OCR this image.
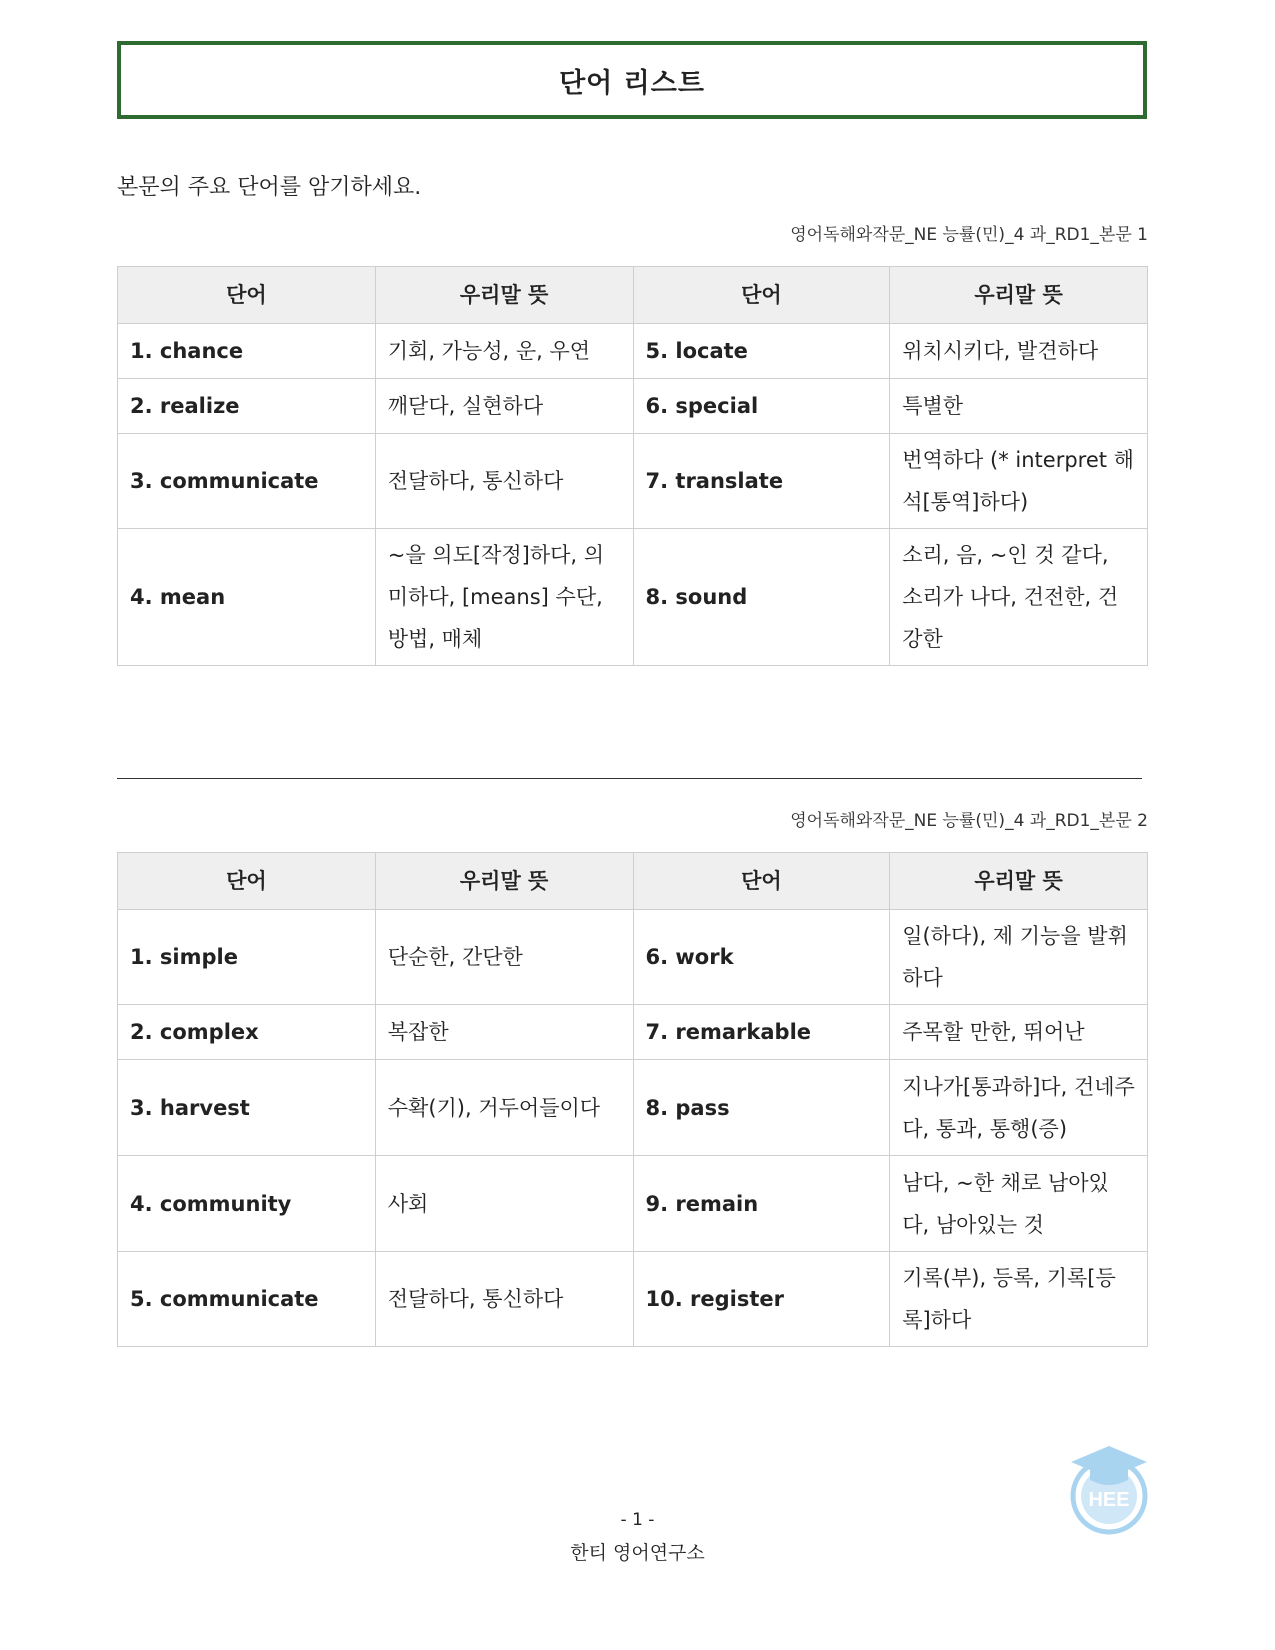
단어 리스트
본문의 주요 단어를 암기하세요.
영어독해와작문_NE 능률(민)_4 과_RD1_본문 1
단어	우리말 뜻	단어	우리말 뜻
1. chance	기회, 가능성, 운, 우연	5. locate	위치시키다, 발견하다
2. realize	깨닫다, 실현하다	6. special	특별한
3. communicate	전달하다, 통신하다	7. translate	번역하다 (* interpret 해석[통역]하다)
4. mean	~을 의도[작정]하다, 의미하다, [means] 수단, 방법, 매체	8. sound	소리, 음, ~인 것 같다, 소리가 나다, 건전한, 건강한
영어독해와작문_NE 능률(민)_4 과_RD1_본문 2
단어	우리말 뜻	단어	우리말 뜻
1. simple	단순한, 간단한	6. work	일(하다), 제 기능을 발휘하다
2. complex	복잡한	7. remarkable	주목할 만한, 뛰어난
3. harvest	수확(기), 거두어들이다	8. pass	지나가[통과하]다, 건네주다, 통과, 통행(증)
4. community	사회	9. remain	남다, ~한 채로 남아있다, 남아있는 것
5. communicate	전달하다, 통신하다	10. register	기록(부), 등록, 기록[등록]하다
HEE
- 1 -
한티 영어연구소
